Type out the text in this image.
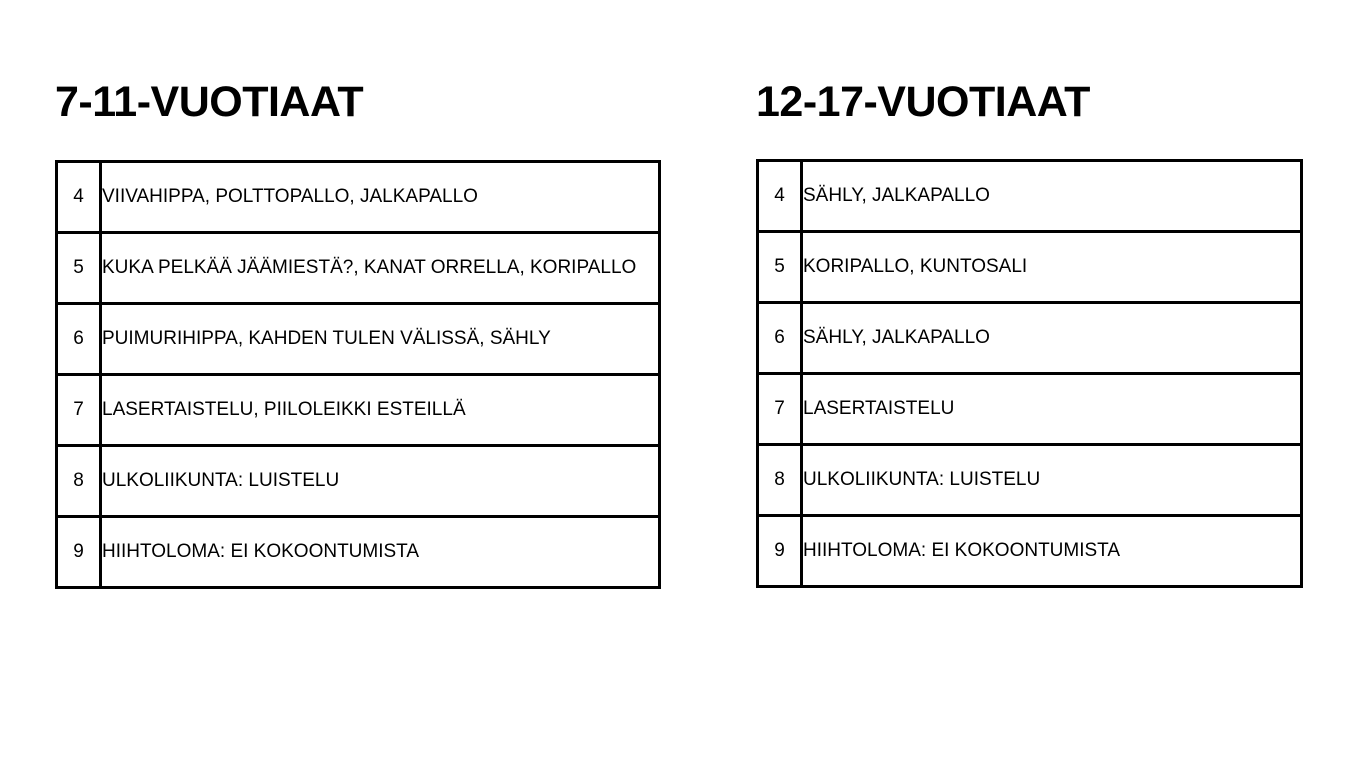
7-11-VUOTIAAT
4	VIIVAHIPPA, POLTTOPALLO, JALKAPALLO
5	KUKA PELKÄÄ JÄÄMIESTÄ?, KANAT ORRELLA, KORIPALLO
6	PUIMURIHIPPA, KAHDEN TULEN VÄLISSÄ, SÄHLY
7	LASERTAISTELU, PIILOLEIKKI ESTEILLÄ
8	ULKOLIIKUNTA: LUISTELU
9	HIIHTOLOMA: EI KOKOONTUMISTA
12-17-VUOTIAAT
4	SÄHLY, JALKAPALLO
5	KORIPALLO, KUNTOSALI
6	SÄHLY, JALKAPALLO
7	LASERTAISTELU
8	ULKOLIIKUNTA: LUISTELU
9	HIIHTOLOMA: EI KOKOONTUMISTA
